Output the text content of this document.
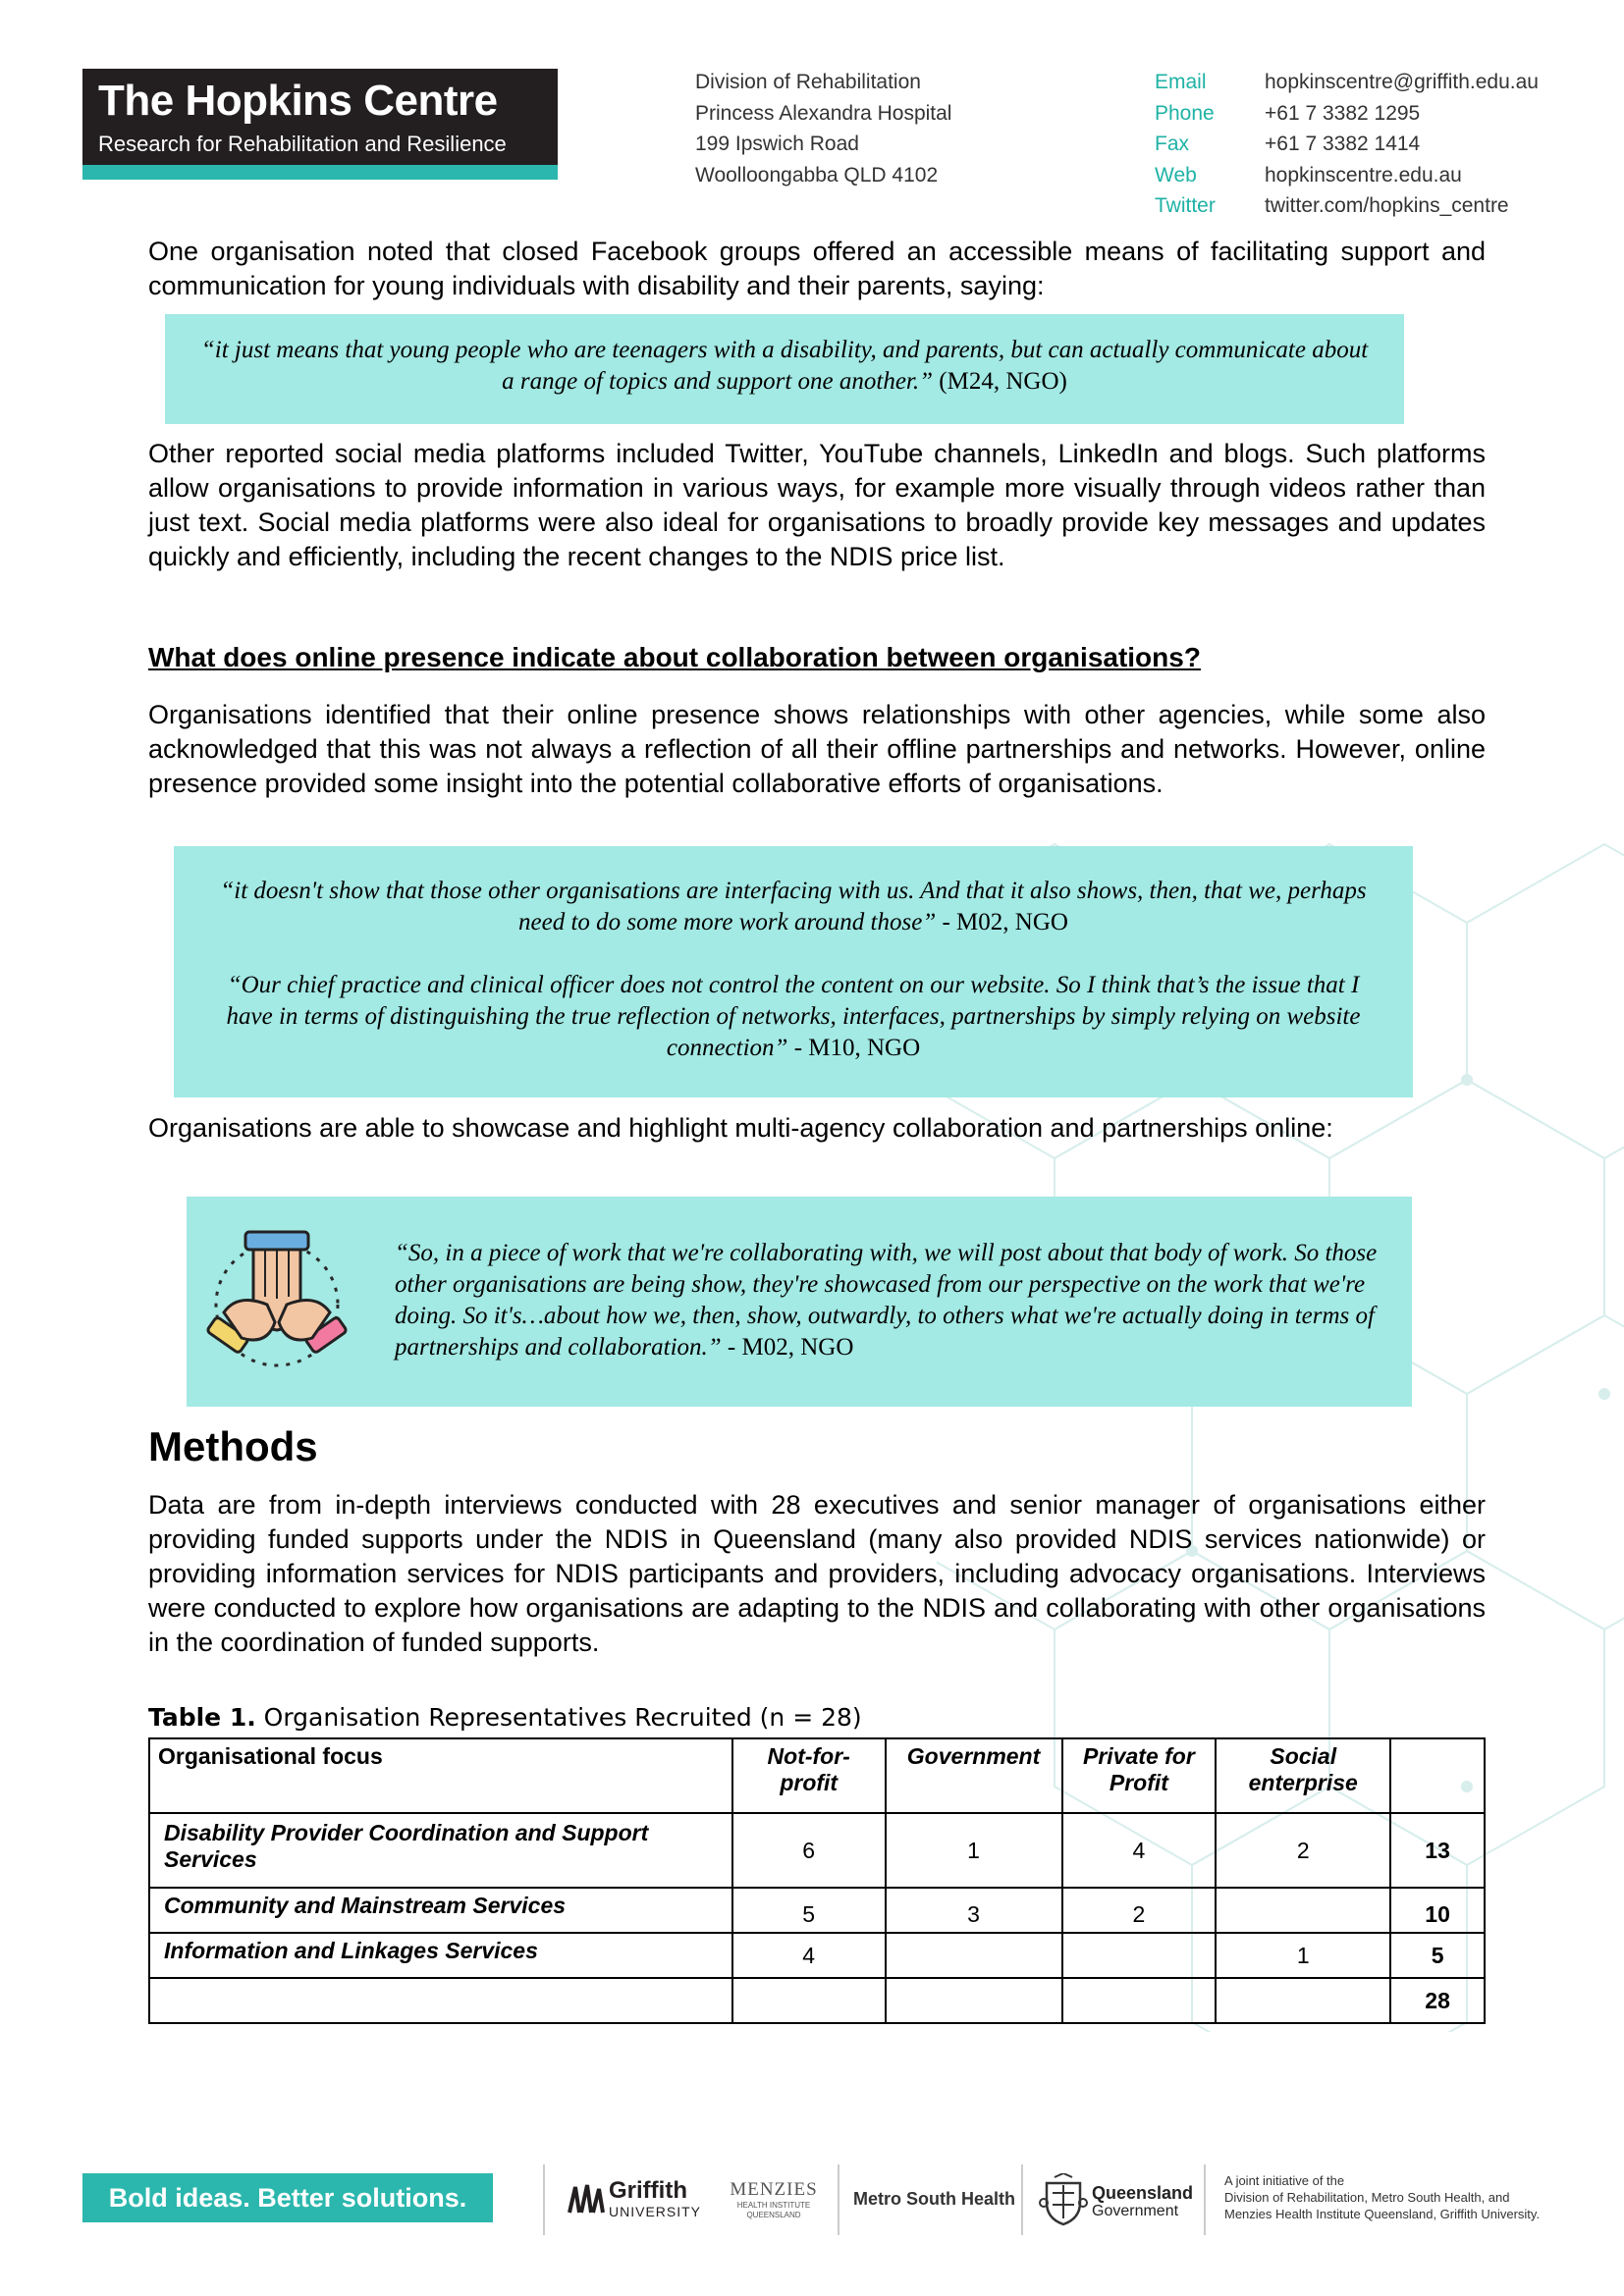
The Hopkins Centre
Research for Rehabilitation and Resilience
Division of Rehabilitation
Princess Alexandra Hospital
199 Ipswich Road
Woolloongabba QLD 4102
Email	hopkinscentre@griffith.edu.au
Phone +61 7 3382 1295
Fax	+61 7 3382 1414
Web	hopkinscentre.edu.au
Twitter twitter.com/hopkins_centre
One organisation noted that closed Facebook groups offered an accessible means of facilitating support and communication for young individuals with disability and their parents, saying:
“it just means that young people who are teenagers with a disability, and parents, but can actually communicate about a range of topics and support one another.” (M24, NGO)
Other reported social media platforms included Twitter, YouTube channels, LinkedIn and blogs. Such platforms allow organisations to provide information in various ways, for example more visually through videos rather than just text. Social media platforms were also ideal for organisations to broadly provide key messages and updates quickly and efficiently, including the recent changes to the NDIS price list.
What does online presence indicate about collaboration between organisations?
Organisations identified that their online presence shows relationships with other agencies, while some also acknowledged that this was not always a reflection of all their offline partnerships and networks. However, online presence provided some insight into the potential collaborative efforts of organisations.
“it doesn't show that those other organisations are interfacing with us. And that it also shows, then, that we, perhaps need to do some more work around those” - M02, NGO
“Our chief practice and clinical officer does not control the content on our website. So I think that’s the issue that I have in terms of distinguishing the true reflection of networks, interfaces, partnerships by simply relying on website connection” - M10, NGO
Organisations are able to showcase and highlight multi-agency collaboration and partnerships online:
“So, in a piece of work that we're collaborating with, we will post about that body of work. So those other organisations are being show, they're showcased from our perspective on the work that we're doing. So it's…about how we, then, show, outwardly, to others what we're actually doing in terms of partnerships and collaboration.” - M02, NGO
Methods
Data are from in-depth interviews conducted with 28 executives and senior manager of organisations either providing funded supports under the NDIS in Queensland (many also provided NDIS services nationwide) or providing information services for NDIS participants and providers, including advocacy organisations. Interviews were conducted to explore how organisations are adapting to the NDIS and collaborating with other organisations in the coordination of funded supports.
Table 1. Organisation Representatives Recruited (n = 28)
Organisational focus	Not-for-profit	Government	Private for Profit	Social enterprise	
Disability Provider Coordination and Support Services	6	1	4	2	13
Community and Mainstream Services	5	3	2		10
Information and Linkages Services	4			1	5
					28
Bold ideas. Better solutions.	Griffith
UNIVERSITY
MENZIES
HEALTH INSTITUTE
QUEENSLAND
Metro South Health	Queensland
Government
A joint initiative of the
Division of Rehabilitation, Metro South Health, and
Menzies Health Institute Queensland, Griffith University.
